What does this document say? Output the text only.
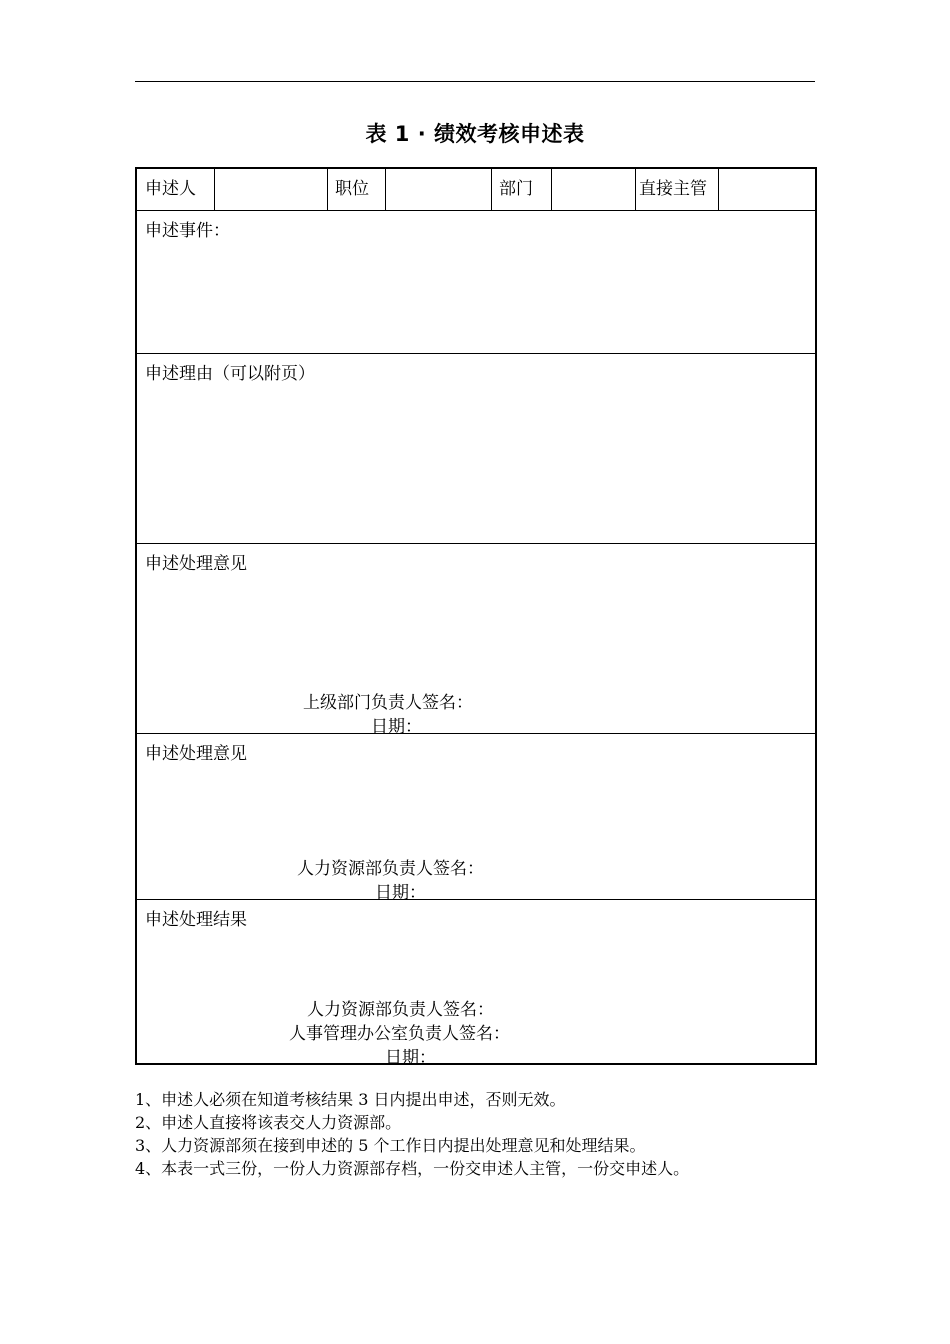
表 1 · 绩效考核申述表
申述人	职位	部门	直接主管
申述事件：
申述理由（可以附页）
申述处理意见
上级部门负责人签名：
日期：
申述处理意见
人力资源部负责人签名：
日期：
申述处理结果
人力资源部负责人签名：
人事管理办公室负责人签名：
日期：
1、申述人必须在知道考核结果 3 日内提出申述，否则无效。
2、申述人直接将该表交人力资源部。
3、人力资源部须在接到申述的 5 个工作日内提出处理意见和处理结果。
4、本表一式三份，一份人力资源部存档，一份交申述人主管，一份交申述人。
